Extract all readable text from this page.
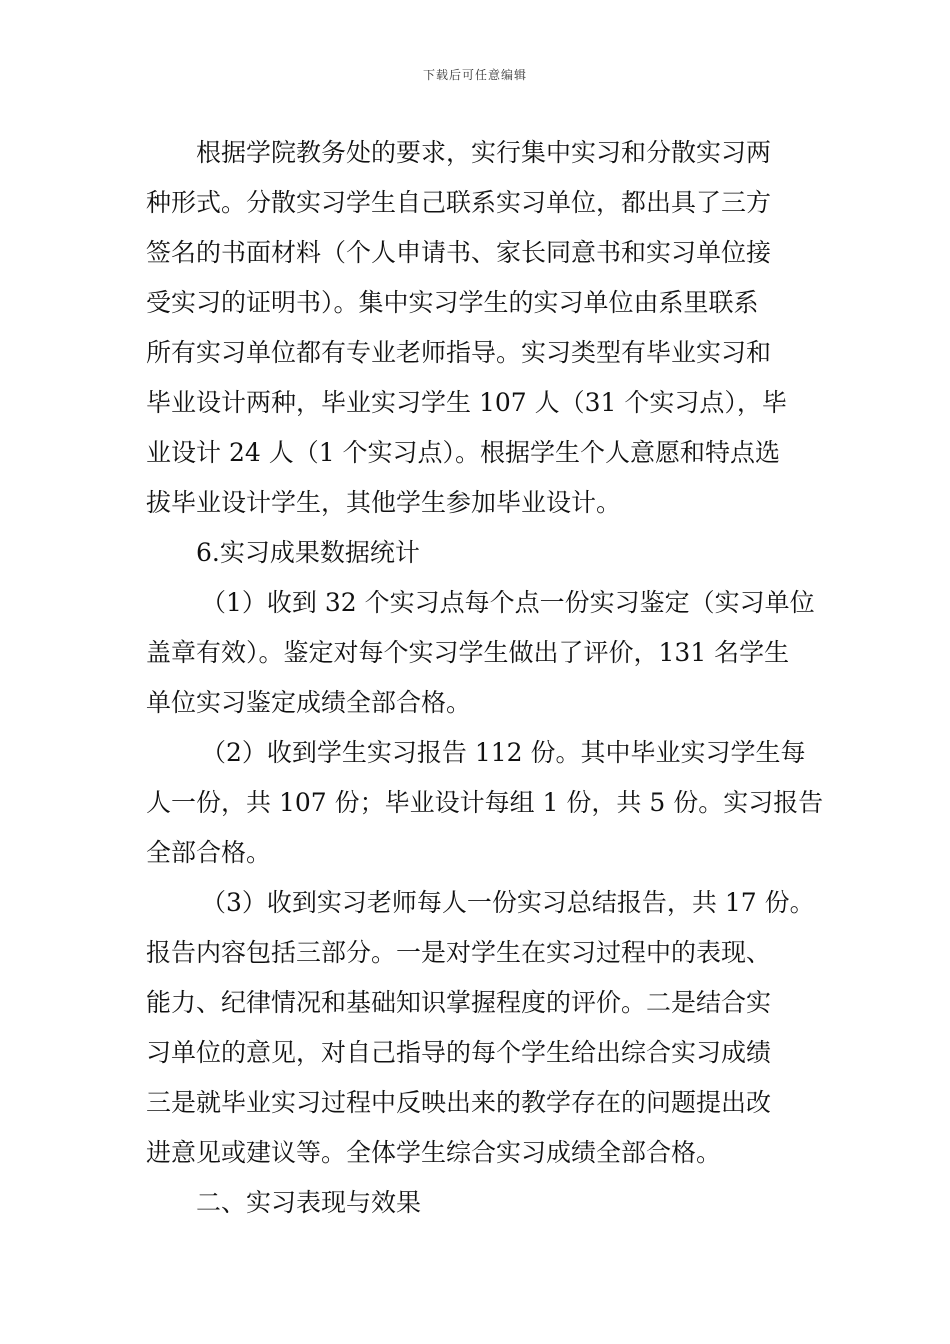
下载后可任意编辑
根据学院教务处的要求，实行集中实习和分散实习两
种形式。分散实习学生自己联系实习单位，都出具了三方
签名的书面材料（个人申请书、家长同意书和实习单位接
受实习的证明书）。集中实习学生的实习单位由系里联系
所有实习单位都有专业老师指导。实习类型有毕业实习和
毕业设计两种，毕业实习学生 107 人（31 个实习点），毕
业设计 24 人（1 个实习点）。根据学生个人意愿和特点选
拔毕业设计学生，其他学生参加毕业设计。
6.实习成果数据统计
（1）收到 32 个实习点每个点一份实习鉴定（实习单位
盖章有效）。鉴定对每个实习学生做出了评价，131 名学生
单位实习鉴定成绩全部合格。
（2）收到学生实习报告 112 份。其中毕业实习学生每
人一份，共 107 份；毕业设计每组 1 份，共 5 份。实习报告
全部合格。
（3）收到实习老师每人一份实习总结报告，共 17 份。
报告内容包括三部分。一是对学生在实习过程中的表现、
能力、纪律情况和基础知识掌握程度的评价。二是结合实
习单位的意见，对自己指导的每个学生给出综合实习成绩
三是就毕业实习过程中反映出来的教学存在的问题提出改
进意见或建议等。全体学生综合实习成绩全部合格。
二、实习表现与效果
